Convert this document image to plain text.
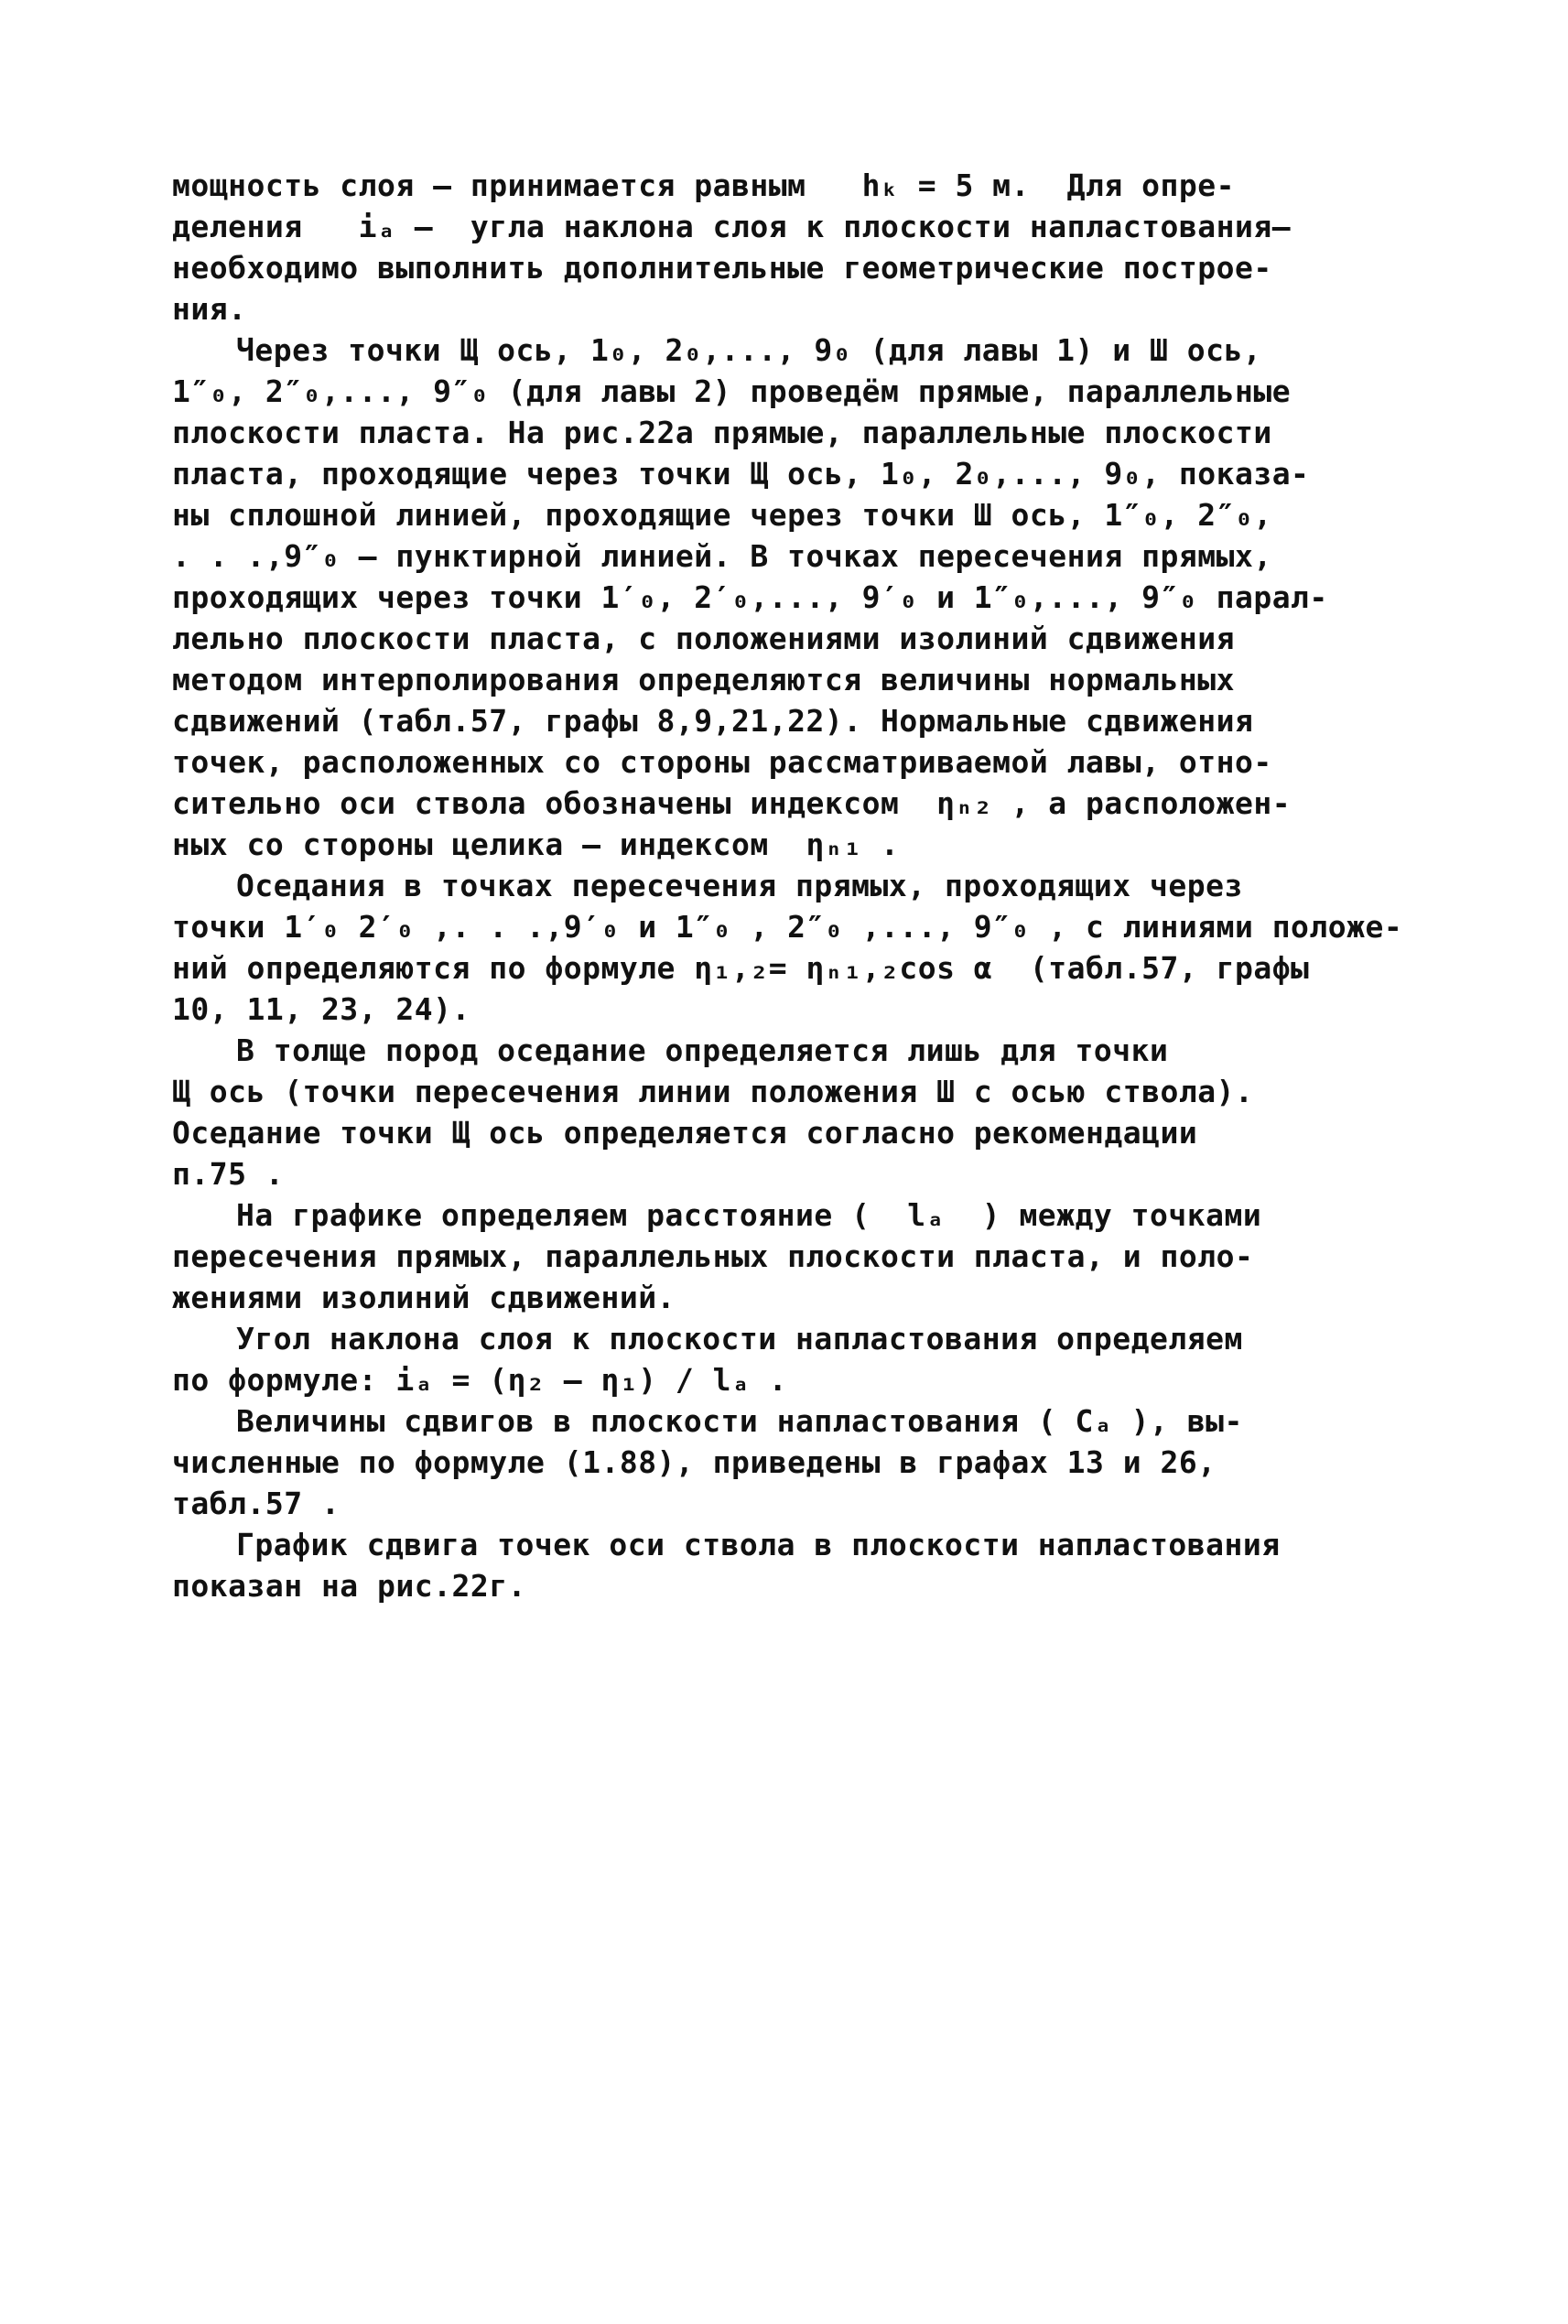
мощность слоя – принимается равным   hₖ = 5 м.  Для опре-
деления   iₐ –  угла наклона слоя к плоскости напластования–
необходимо выполнить дополнительные геометрические построе-
ния.
Через точки Щ ось, 1₀, 2₀,..., 9₀ (для лавы 1) и Ш ось,
1″₀, 2″₀,..., 9″₀ (для лавы 2) проведём прямые, параллельные
плоскости пласта. На рис.22а прямые, параллельные плоскости
пласта, проходящие через точки Щ ось, 1₀, 2₀,..., 9₀, показа-
ны сплошной линией, проходящие через точки Ш ось, 1″₀, 2″₀,
. . .,9″₀ – пунктирной линией. В точках пересечения прямых,
проходящих через точки 1′₀, 2′₀,..., 9′₀ и 1″₀,..., 9″₀ парал-
лельно плоскости пласта, с положениями изолиний сдвижения
методом интерполирования определяются величины нормальных
сдвижений (табл.57, графы 8,9,21,22). Нормальные сдвижения
точек, расположенных со стороны рассматриваемой лавы, отно-
сительно оси ствола обозначены индексом  ηₙ₂ , а расположен-
ных со стороны целика – индексом  ηₙ₁ .
Оседания в точках пересечения прямых, проходящих через
точки 1′₀ 2′₀ ,. . .,9′₀ и 1″₀ , 2″₀ ,..., 9″₀ , с линиями положе-
ний определяются по формуле η₁,₂= ηₙ₁,₂cos α  (табл.57, графы
10, 11, 23, 24).
В толще пород оседание определяется лишь для точки
Щ ось (точки пересечения линии положения Ш с осью ствола).
Оседание точки Щ ось определяется согласно рекомендации
п.75 .
На графике определяем расстояние (  lₐ  ) между точками
пересечения прямых, параллельных плоскости пласта, и поло-
жениями изолиний сдвижений.
Угол наклона слоя к плоскости напластования определяем
по формуле: iₐ = (η₂ – η₁) / lₐ .
Величины сдвигов в плоскости напластования ( Cₐ ), вы-
численные по формуле (1.88), приведены в графах 13 и 26,
табл.57 .
График сдвига точек оси ствола в плоскости напластования
показан на рис.22г.
